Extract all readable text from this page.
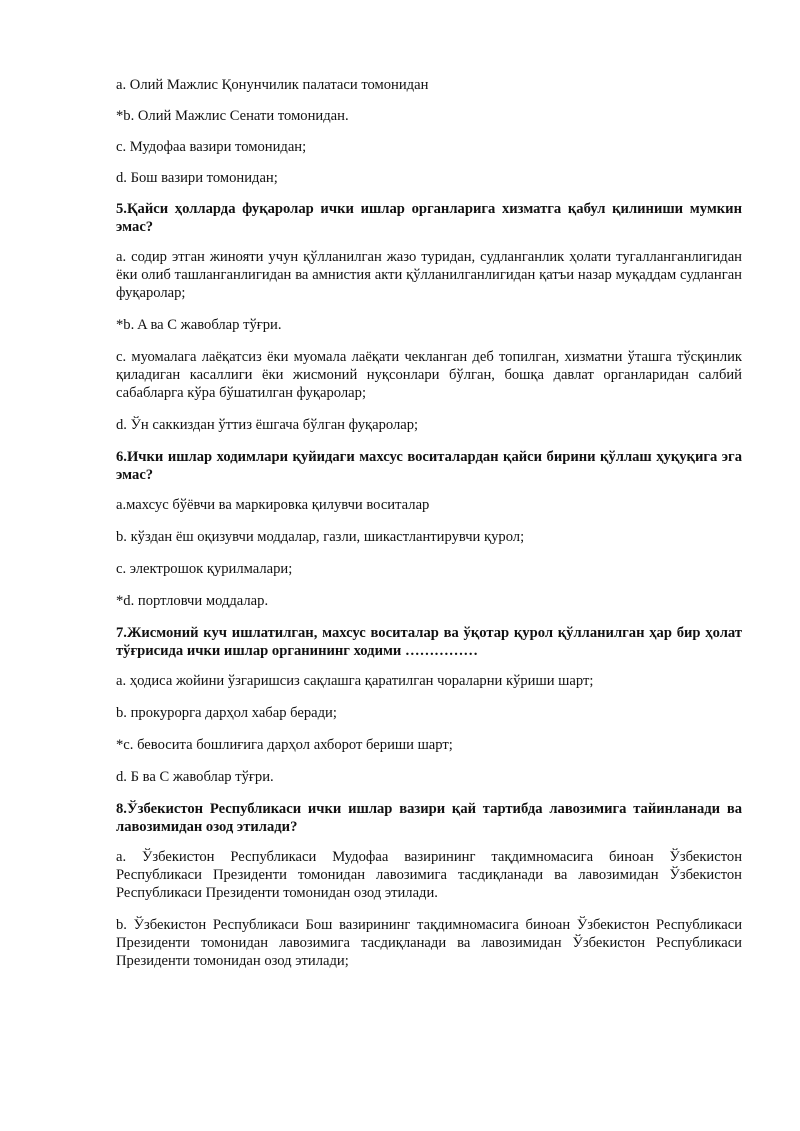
a. Олий Мажлис Қонунчилик палатаси томонидан

*b. Олий Мажлис Сенати томонидан.

c. Мудофаа вазири томонидан;

d. Бош вазири томонидан;

5.Қайси ҳолларда фуқаролар ички ишлар органларига хизматга қабул қилиниши мумкин эмас?

a. содир этган жинояти учун қўлланилган жазо туридан, судланганлик ҳолати тугалланганлигидан ёки олиб ташланганлигидан ва амнистия акти қўлланилганлигидан қатъи назар муқаддам судланган фуқаролар;

*b. A ва C жавоблар тўғри.

c. муомалага лаёқатсиз ёки муомала лаёқати чекланган деб топилган, хизматни ўташга тўсқинлик қиладиган касаллиги ёки жисмоний нуқсонлари бўлган, бошқа давлат органларидан салбий сабабларга кўра бўшатилган фуқаролар;

d. Ўн саккиздан ўттиз ёшгача бўлган фуқаролар;

6.Ички ишлар ходимлари қуйидаги махсус воситалардан қайси бирини қўллаш ҳуқуқига эга эмас?

a.махсус бўёвчи ва маркировка қилувчи воситалар

b. кўздан ёш оқизувчи моддалар, газли, шикастлантирувчи қурол;

c. электрошок қурилмалари;

*d. портловчи моддалар.

7.Жисмоний куч ишлатилган, махсус воситалар ва ўқотар қурол қўлланилган ҳар бир ҳолат тўғрисида ички ишлар органининг ходими ……………

a. ҳодиса жойини ўзгаришсиз сақлашга қаратилган чораларни кўриши шарт;

b. прокурорга дарҳол хабар беради;

*c. бевосита бошлиғига дарҳол ахборот бериши шарт;

d. Б ва С жавоблар тўғри.

8.Ўзбекистон Республикаси ички ишлар вазири қай тартибда лавозимига тайинланади ва лавозимидан озод этилади?

a. Ўзбекистон Республикаси Мудофаа вазирининг тақдимномасига биноан Ўзбекистон Республикаси Президенти томонидан лавозимига тасдиқланади ва лавозимидан Ўзбекистон Республикаси Президенти томонидан озод этилади.

b. Ўзбекистон Республикаси Бош вазирининг тақдимномасига биноан Ўзбекистон Республикаси Президенти томонидан лавозимига тасдиқланади ва лавозимидан Ўзбекистон Республикаси Президенти томонидан озод этилади;
